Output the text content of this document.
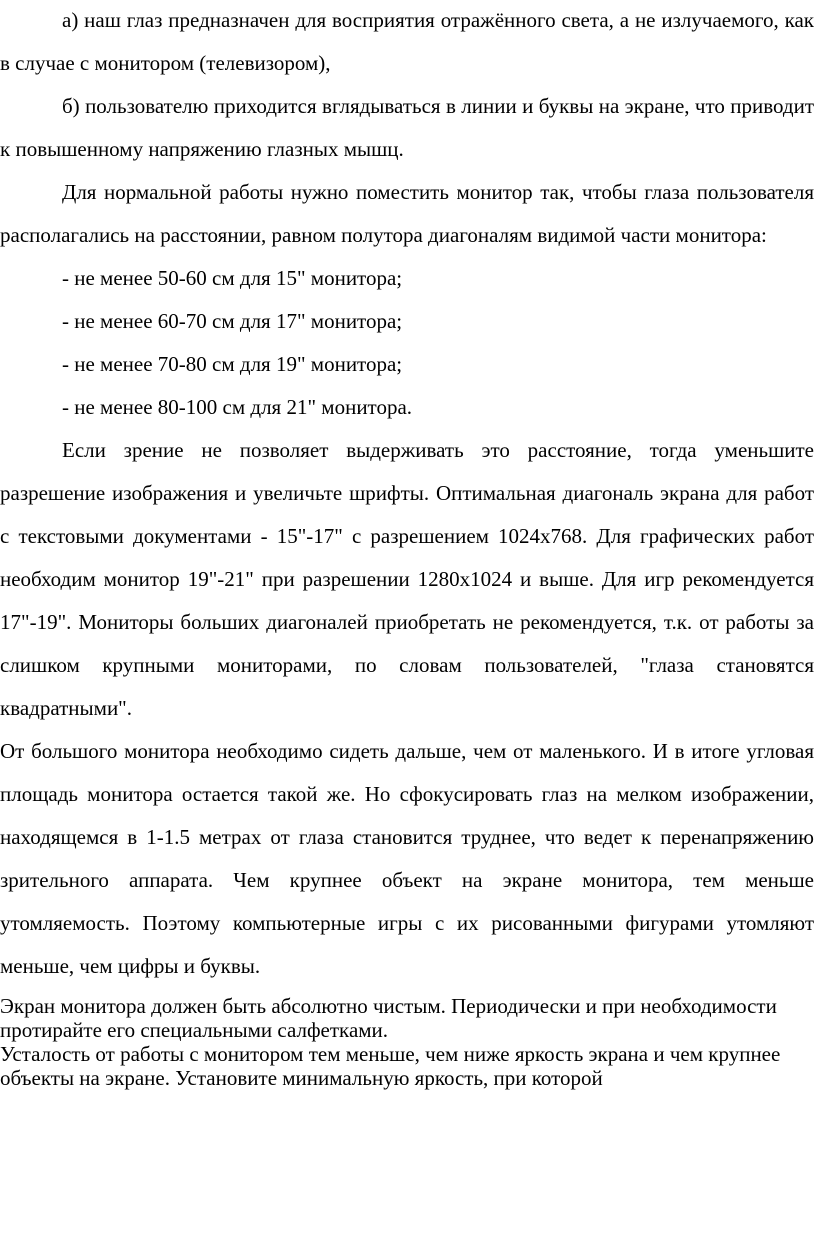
а) наш глаз предназначен для восприятия отражённого света, а не излучаемого, как в случае с монитором (телевизором),

б) пользователю приходится вглядываться в линии и буквы на экране, что приводит к повышенному напряжению глазных мышц.

Для нормальной работы нужно поместить монитор так, чтобы глаза пользователя располагались на расстоянии, равном полутора диагоналям видимой части монитора:

- не менее 50-60 см для 15" монитора;
- не менее 60-70 см для 17" монитора;
- не менее 70-80 см для 19" монитора;
- не менее 80-100 см для 21" монитора.

Если зрение не позволяет выдерживать это расстояние, тогда уменьшите разрешение изображения и увеличьте шрифты. Оптимальная диагональ экрана для работ с текстовыми документами - 15"-17" с разрешением 1024x768. Для графических работ необходим монитор 19"-21" при разрешении 1280x1024 и выше. Для игр рекомендуется 17"-19". Мониторы больших диагоналей приобретать не рекомендуется, т.к. от работы за слишком крупными мониторами, по словам пользователей, "глаза становятся квадратными".

От большого монитора необходимо сидеть дальше, чем от маленького. И в итоге угловая площадь монитора остается такой же. Но сфокусировать глаз на мелком изображении, находящемся в 1-1.5 метрах от глаза становится труднее, что ведет к перенапряжению зрительного аппарата. Чем крупнее объект на экране монитора, тем меньше утомляемость. Поэтому компьютерные игры с их рисованными фигурами утомляют меньше, чем цифры и буквы.

Экран монитора должен быть абсолютно чистым. Периодически и при необходимости протирайте его специальными салфетками.

Усталость от работы с монитором тем меньше, чем ниже яркость экрана и чем крупнее объекты на экране. Установите минимальную яркость, при которой
